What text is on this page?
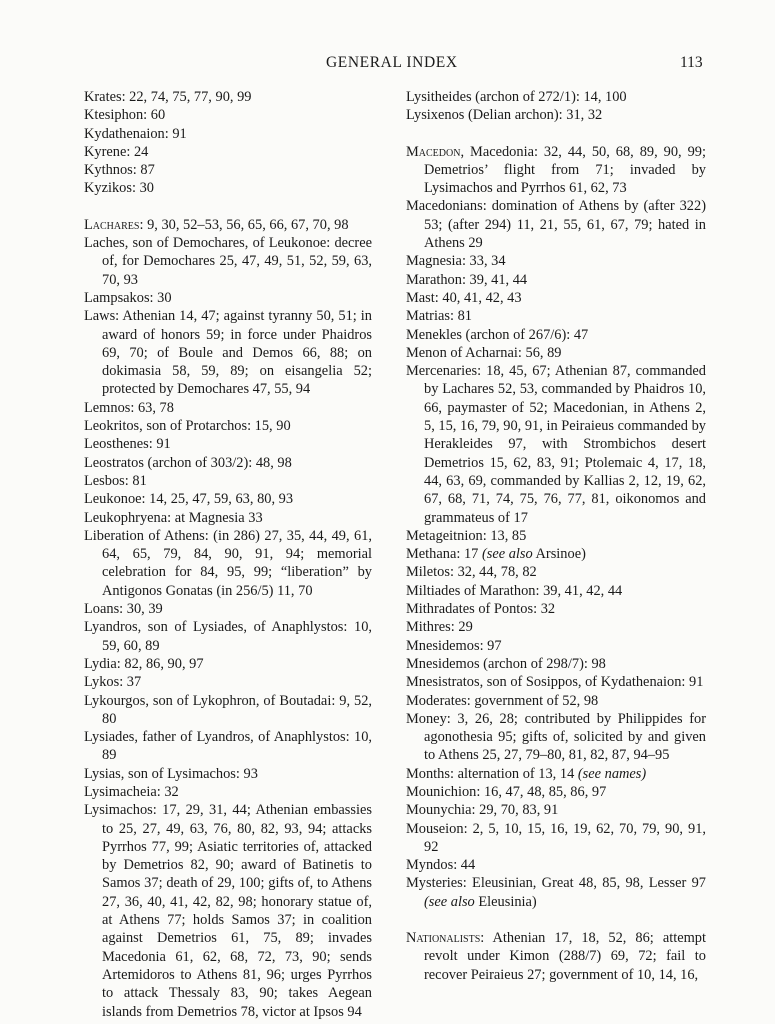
GENERAL INDEX	113
Krates: 22, 74, 75, 77, 90, 99
Ktesiphon: 60
Kydathenaion: 91
Kyrene: 24
Kythnos: 87
Kyzikos: 30
Lachares: 9, 30, 52–53, 56, 65, 66, 67, 70, 98
Laches, son of Demochares, of Leukonoe: decree of, for Demochares 25, 47, 49, 51, 52, 59, 63, 70, 93
Lampsakos: 30
Laws: Athenian 14, 47; against tyranny 50, 51; in award of honors 59; in force under Phaidros 69, 70; of Boule and Demos 66, 88; on dokimasia 58, 59, 89; on eisangelia 52; protected by Demochares 47, 55, 94
Lemnos: 63, 78
Leokritos, son of Protarchos: 15, 90
Leosthenes: 91
Leostratos (archon of 303/2): 48, 98
Lesbos: 81
Leukonoe: 14, 25, 47, 59, 63, 80, 93
Leukophryena: at Magnesia 33
Liberation of Athens: (in 286) 27, 35, 44, 49, 61, 64, 65, 79, 84, 90, 91, 94; memorial celebration for 84, 95, 99; “liberation” by Antigonos Gonatas (in 256/5) 11, 70
Loans: 30, 39
Lyandros, son of Lysiades, of Anaphlystos: 10, 59, 60, 89
Lydia: 82, 86, 90, 97
Lykos: 37
Lykourgos, son of Lykophron, of Boutadai: 9, 52, 80
Lysiades, father of Lyandros, of Anaphlystos: 10, 89
Lysias, son of Lysimachos: 93
Lysimacheia: 32
Lysimachos: 17, 29, 31, 44; Athenian embassies to 25, 27, 49, 63, 76, 80, 82, 93, 94; attacks Pyrrhos 77, 99; Asiatic territories of, attacked by Demetrios 82, 90; award of Batinetis to Samos 37; death of 29, 100; gifts of, to Athens 27, 36, 40, 41, 42, 82, 98; honorary statue of, at Athens 77; holds Samos 37; in coalition against Demetrios 61, 75, 89; invades Macedonia 61, 62, 68, 72, 73, 90; sends Artemidoros to Athens 81, 96; urges Pyrrhos to attack Thessaly 83, 90; takes Aegean islands from Demetrios 78, victor at Ipsos 94
Lysitheides (archon of 272/1): 14, 100
Lysixenos (Delian archon): 31, 32
Macedon, Macedonia: 32, 44, 50, 68, 89, 90, 99; Demetrios’ flight from 71; invaded by Lysimachos and Pyrrhos 61, 62, 73
Macedonians: domination of Athens by (after 322) 53; (after 294) 11, 21, 55, 61, 67, 79; hated in Athens 29
Magnesia: 33, 34
Marathon: 39, 41, 44
Mast: 40, 41, 42, 43
Matrias: 81
Menekles (archon of 267/6): 47
Menon of Acharnai: 56, 89
Mercenaries: 18, 45, 67; Athenian 87, commanded by Lachares 52, 53, commanded by Phaidros 10, 66, paymaster of 52; Macedonian, in Athens 2, 5, 15, 16, 79, 90, 91, in Peiraieus commanded by Herakleides 97, with Strombichos desert Demetrios 15, 62, 83, 91; Ptolemaic 4, 17, 18, 44, 63, 69, commanded by Kallias 2, 12, 19, 62, 67, 68, 71, 74, 75, 76, 77, 81, oikonomos and grammateus of 17
Metageitnion: 13, 85
Methana: 17 (see also Arsinoe)
Miletos: 32, 44, 78, 82
Miltiades of Marathon: 39, 41, 42, 44
Mithradates of Pontos: 32
Mithres: 29
Mnesidemos: 97
Mnesidemos (archon of 298/7): 98
Mnesistratos, son of Sosippos, of Kydathenaion: 91
Moderates: government of 52, 98
Money: 3, 26, 28; contributed by Philippides for agonothesia 95; gifts of, solicited by and given to Athens 25, 27, 79–80, 81, 82, 87, 94–95
Months: alternation of 13, 14 (see names)
Mounichion: 16, 47, 48, 85, 86, 97
Mounychia: 29, 70, 83, 91
Mouseion: 2, 5, 10, 15, 16, 19, 62, 70, 79, 90, 91, 92
Myndos: 44
Mysteries: Eleusinian, Great 48, 85, 98, Lesser 97 (see also Eleusinia)
Nationalists: Athenian 17, 18, 52, 86; attempt revolt under Kimon (288/7) 69, 72; fail to recover Peiraieus 27; government of 10, 14, 16,
